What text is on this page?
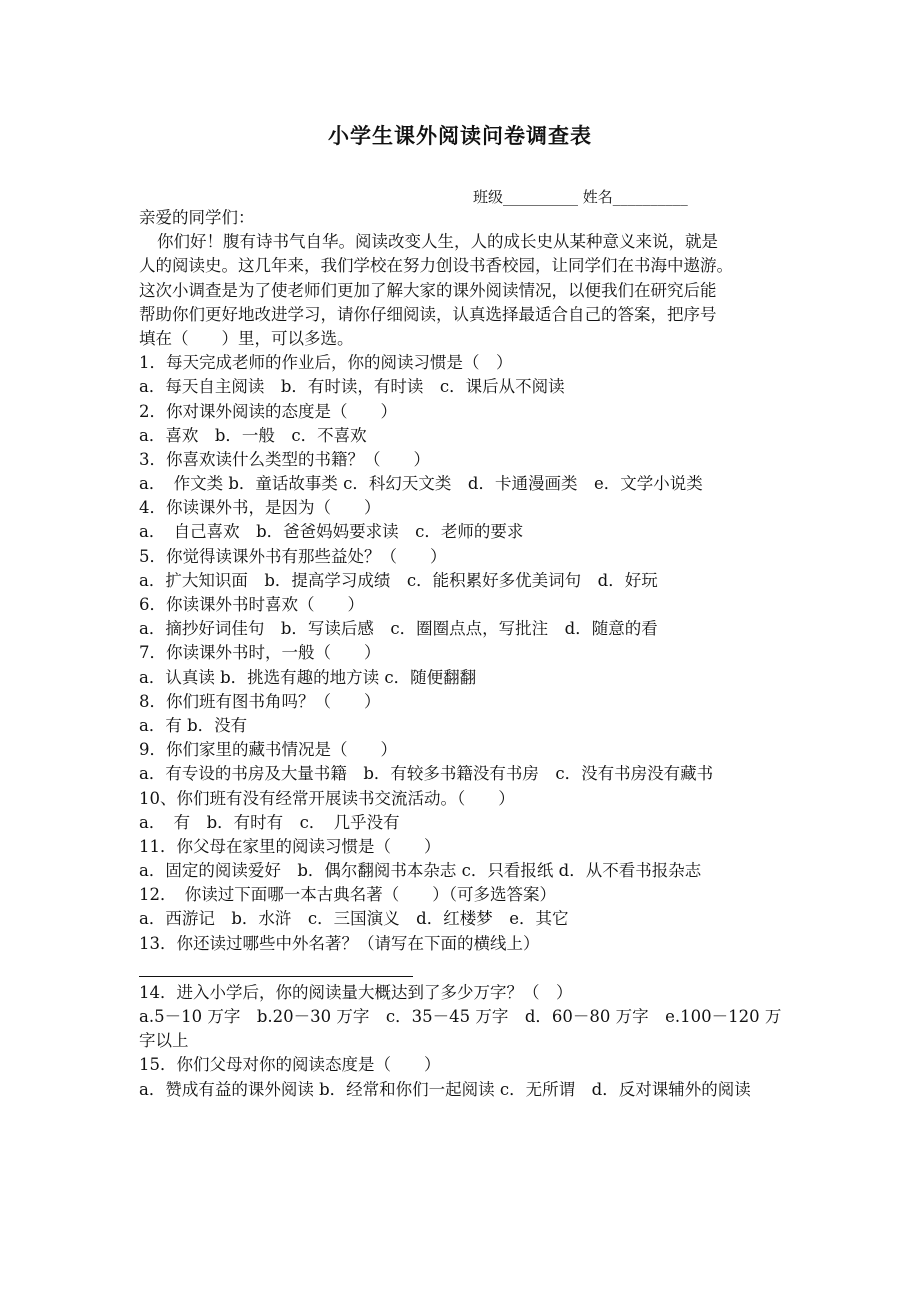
小学生课外阅读问卷调查表
班级__________ 姓名__________
亲爱的同学们：
你们好！腹有诗书气自华。阅读改变人生，人的成长史从某种意义来说，就是
人的阅读史。这几年来，我们学校在努力创设书香校园，让同学们在书海中遨游。
这次小调查是为了使老师们更加了解大家的课外阅读情况，以便我们在研究后能
帮助你们更好地改进学习，请你仔细阅读，认真选择最适合自己的答案，把序号
填在（　　）里，可以多选。
1．每天完成老师的作业后，你的阅读习惯是（　）
a．每天自主阅读　b．有时读，有时读　c．课后从不阅读
2．你对课外阅读的态度是（　　）
a．喜欢　b．一般　c．不喜欢
3．你喜欢读什么类型的书籍？（　　）
a．　作文类 b．童话故事类 c．科幻天文类　d．卡通漫画类　e．文学小说类
4．你读课外书，是因为（　　）
a．　自己喜欢　b．爸爸妈妈要求读　c．老师的要求
5．你觉得读课外书有那些益处？（　　）
a．扩大知识面　b．提高学习成绩　c．能积累好多优美词句　d．好玩
6．你读课外书时喜欢（　　）
a．摘抄好词佳句　b．写读后感　c．圈圈点点，写批注　d．随意的看
7．你读课外书时，一般（　　）
a．认真读 b．挑选有趣的地方读 c．随便翻翻
8．你们班有图书角吗？（　　）
a．有 b．没有
9．你们家里的藏书情况是（　　）
a．有专设的书房及大量书籍　b．有较多书籍没有书房　c．没有书房没有藏书
10、你们班有没有经常开展读书交流活动。（　　）
a．　有　b．有时有　c．　几乎没有
11．你父母在家里的阅读习惯是（　　）
a．固定的阅读爱好　b．偶尔翻阅书本杂志 c．只看报纸 d．从不看书报杂志
12．　你读过下面哪一本古典名著（　　）（可多选答案）
a．西游记　b．水浒　c．三国演义　d．红楼梦　e．其它
13．你还读过哪些中外名著？（请写在下面的横线上）
14．进入小学后，你的阅读量大概达到了多少万字？（　）
a.5－10 万字　b.20－30 万字　c．35－45 万字　d．60－80 万字　e.100－120 万字以上
15．你们父母对你的阅读态度是（　　）
a．赞成有益的课外阅读 b．经常和你们一起阅读 c．无所谓　d．反对课辅外的阅读
